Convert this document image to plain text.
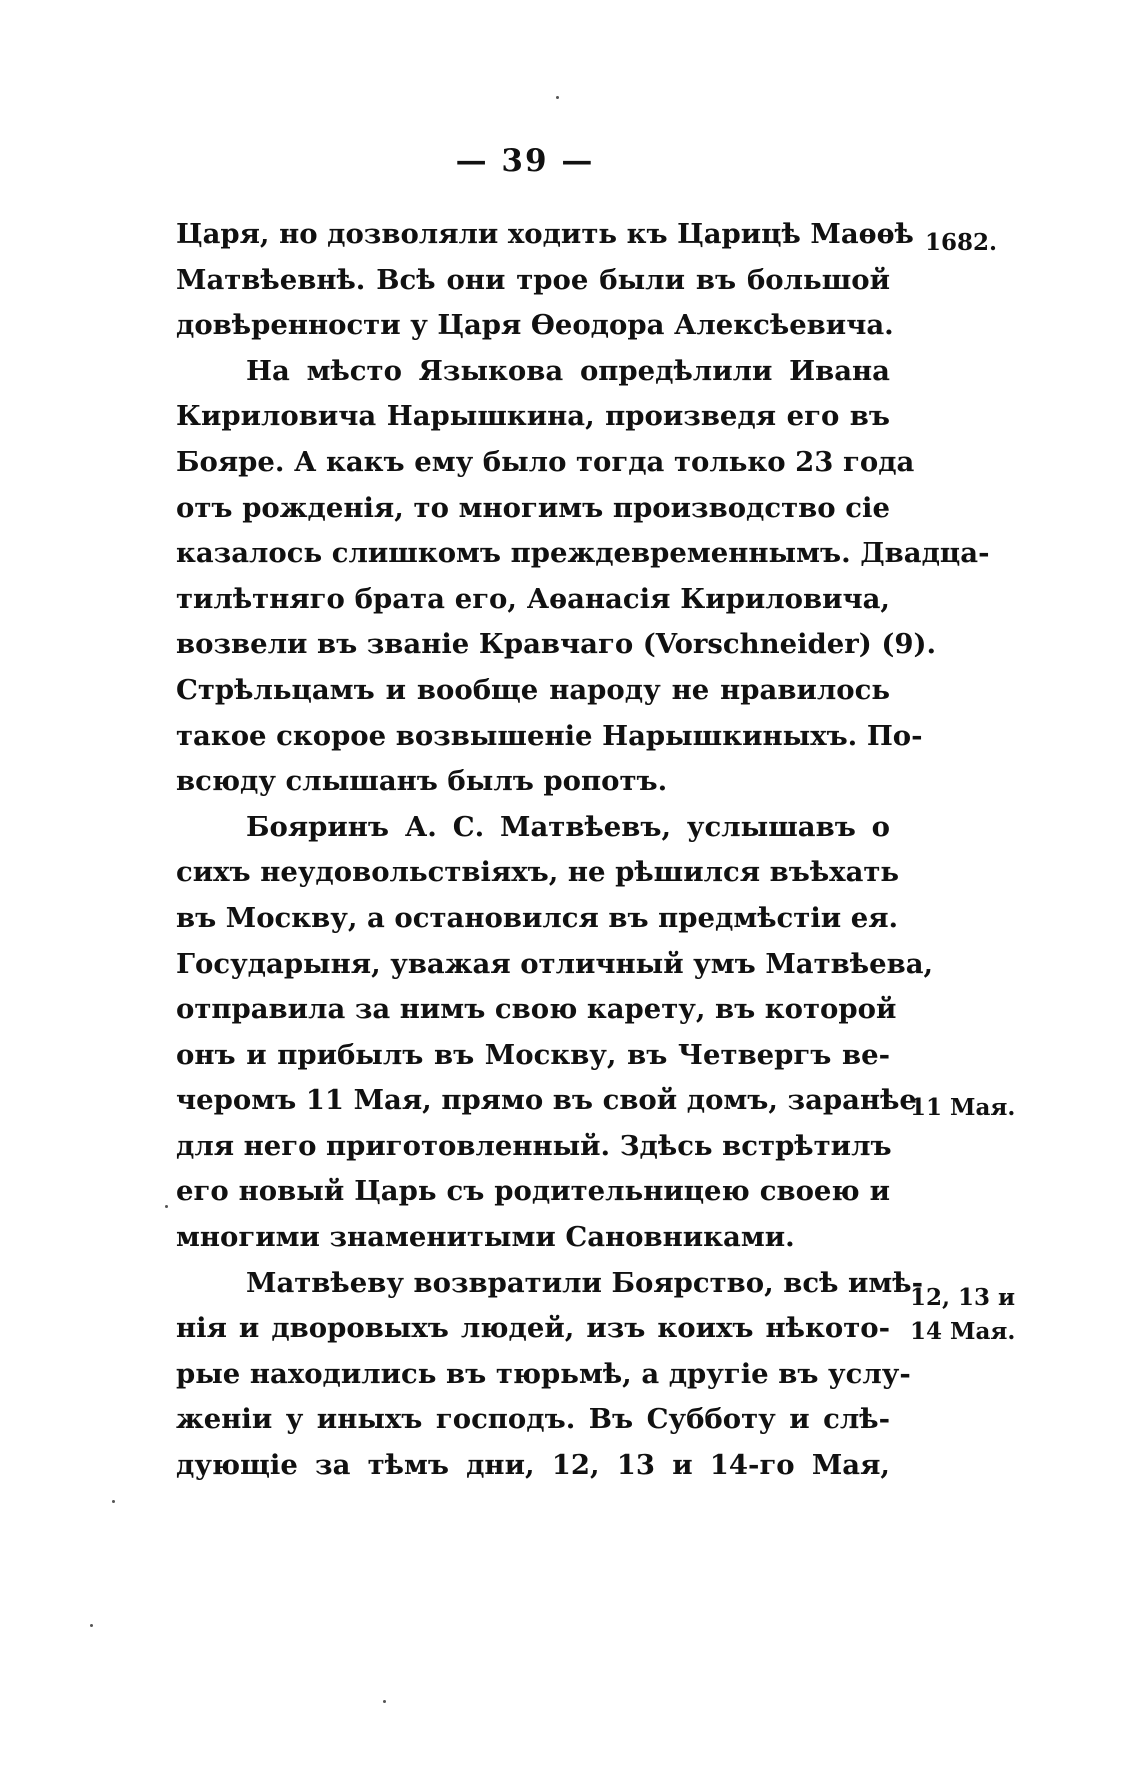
— 39 —
Царя, но дозволяли ходить къ Царицѣ Маѳѳѣ
Матвѣевнѣ. Всѣ они трое были въ большой
довѣренности у Царя Ѳеодора Алексѣевича.
На мѣсто Языкова опредѣлили Ивана
Кириловича Нарышкина, произведя его въ
Бояре. А какъ ему было тогда только 23 года
отъ рожденія, то многимъ производство сіе
казалось слишкомъ преждевременнымъ. Двадца-
тилѣтняго брата его, Аѳанасія Кириловича,
возвели въ званіе Кравчаго (Vorschneider) (9).
Стрѣльцамъ и вообще народу не нравилось
такое скорое возвышеніе Нарышкиныхъ. По-
всюду слышанъ былъ ропотъ.
Бояринъ А. С. Матвѣевъ, услышавъ о
сихъ неудовольствіяхъ, не рѣшился въѣхать
въ Москву, а остановился въ предмѣстіи ея.
Государыня, уважая отличный умъ Матвѣева,
отправила за нимъ свою карету, въ которой
онъ и прибылъ въ Москву, въ Четвергъ ве-
черомъ 11 Мая, прямо въ свой домъ, заранѣе
для него приготовленный. Здѣсь встрѣтилъ
его новый Царь съ родительницею своею и
многими знаменитыми Сановниками.
Матвѣеву возвратили Боярство, всѣ имѣ-
нія и дворовыхъ людей, изъ коихъ нѣкото-
рые находились въ тюрьмѣ, а другіе въ услу-
женіи у иныхъ господъ. Въ Субботу и слѣ-
дующіе за тѣмъ дни, 12, 13 и 14-го Мая,
1682.
11 Мая.
12, 13 и
14 Мая.
